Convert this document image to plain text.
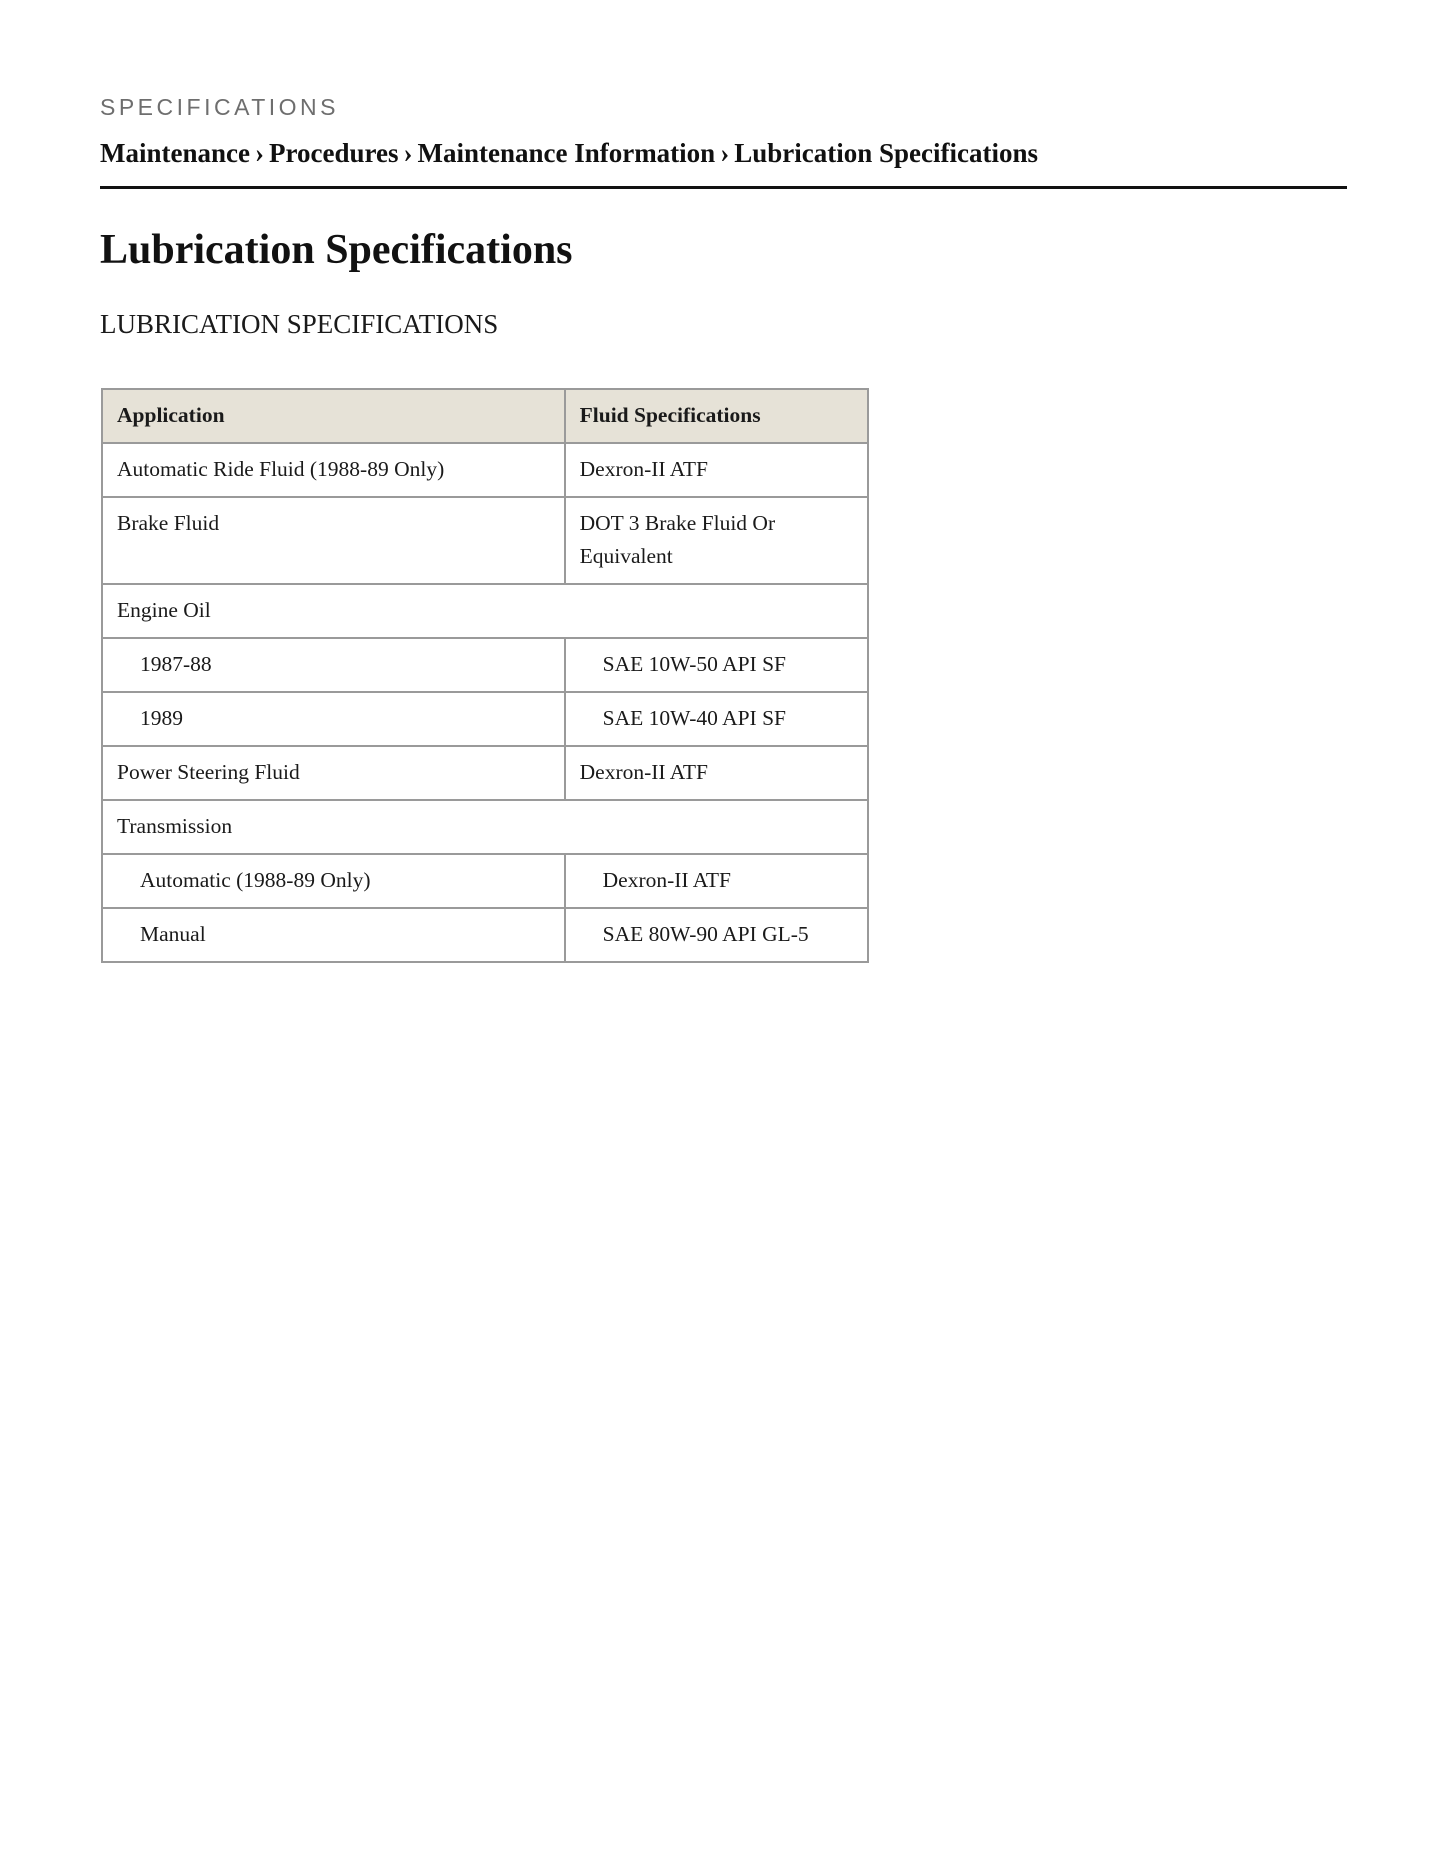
SPECIFICATIONS
Maintenance › Procedures › Maintenance Information › Lubrication Specifications
Lubrication Specifications
LUBRICATION SPECIFICATIONS
Application	Fluid Specifications
Automatic Ride Fluid (1988-89 Only)	Dexron-II ATF
Brake Fluid	DOT 3 Brake Fluid Or Equivalent
Engine Oil	
1987-88	SAE 10W-50 API SF
1989	SAE 10W-40 API SF
Power Steering Fluid	Dexron-II ATF
Transmission	
Automatic (1988-89 Only)	Dexron-II ATF
Manual	SAE 80W-90 API GL-5
